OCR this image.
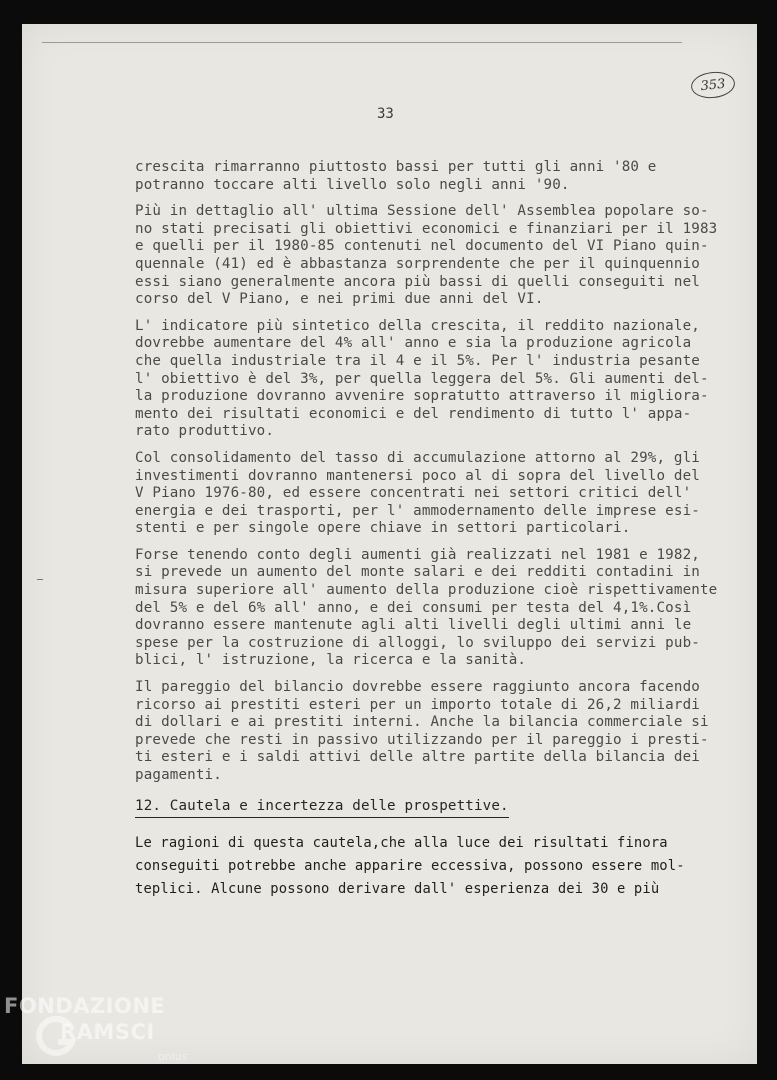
353
33
crescita rimarranno piuttosto bassi per tutti gli anni '80 e
potranno toccare alti livello solo negli anni '90.
Più in dettaglio all' ultima Sessione dell' Assemblea popolare so-
no stati precisati gli obiettivi economici e finanziari per il 1983
e quelli per il 1980-85 contenuti nel documento del VI Piano quin-
quennale (41) ed è abbastanza sorprendente che per il quinquennio
essi siano generalmente ancora più bassi di quelli conseguiti nel
corso del V Piano, e nei primi due anni del VI.
L' indicatore più sintetico della crescita, il reddito nazionale,
dovrebbe aumentare del 4% all' anno e sia la produzione agricola
che quella industriale tra il 4 e il 5%. Per l' industria pesante
l' obiettivo è del 3%, per quella leggera del 5%. Gli aumenti del-
la produzione dovranno avvenire sopratutto attraverso il migliora-
mento dei risultati economici e del rendimento di tutto l' appa-
rato produttivo.
Col consolidamento del tasso di accumulazione attorno al 29%, gli
investimenti dovranno mantenersi poco al di sopra del livello del
V Piano 1976-80, ed essere concentrati nei settori critici dell'
energia e dei trasporti, per l' ammodernamento delle imprese esi-
stenti e per singole opere chiave in settori particolari.
Forse tenendo conto degli aumenti già realizzati nel 1981 e 1982,
si prevede un aumento del monte salari e dei redditi contadini in
misura superiore all' aumento della produzione cioè rispettivamente
del 5% e del 6% all' anno, e dei consumi per testa del 4,1%.Così
dovranno essere mantenute agli alti livelli degli ultimi anni le
spese per la costruzione di alloggi, lo sviluppo dei servizi pub-
blici, l' istruzione, la ricerca e la sanità.
Il pareggio del bilancio dovrebbe essere raggiunto ancora facendo
ricorso ai prestiti esteri per un importo totale di 26,2 miliardi
di dollari e ai prestiti interni. Anche la bilancia commerciale si
prevede che resti in passivo utilizzando per il pareggio i presti-
ti esteri e i saldi attivi delle altre partite della bilancia dei
pagamenti.
12. Cautela e incertezza delle prospettive.
Le ragioni di questa cautela,che alla luce dei risultati finora
conseguiti potrebbe anche apparire eccessiva, possono essere mol-
teplici. Alcune possono derivare dall' esperienza dei 30 e più
FONDAZIONE
RAMSCI
onlus
